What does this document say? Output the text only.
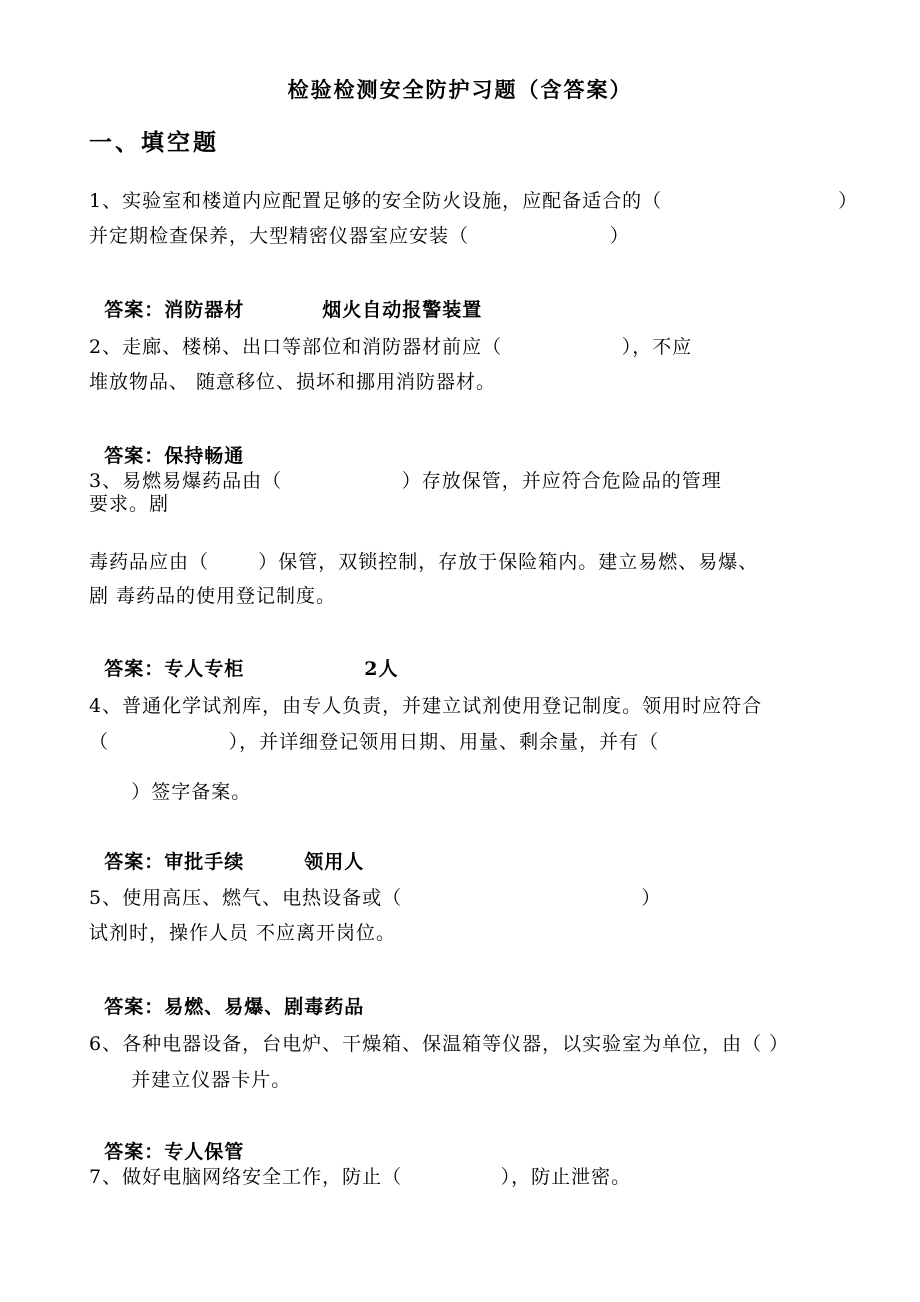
检验检测安全防护习题（含答案）
一、填空题
1、实验室和楼道内应配置足够的安全防火设施，应配备适合的（                         ）
并定期检查保养，大型精密仪器室应安装（                    ）

答案：消防器材	烟火自动报警装置

2、走廊、楼梯、出口等部位和消防器材前应（                 ），不应
堆放物品、 随意移位、损坏和挪用消防器材。

答案：保持畅通

3、易燃易爆药品由（                 ）存放保管，并应符合危险品的管理
要求。剧
毒药品应由（       ）保管，双锁控制，存放于保险箱内。建立易燃、易爆、
剧 毒药品的使用登记制度。

答案：专人专柜	2人

4、普通化学试剂库，由专人负责，并建立试剂使用登记制度。领用时应符合
（                 ），并详细登记领用日期、用量、剩余量，并有（
）签字备案。

答案：审批手续	领用人

5、使用高压、燃气、电热设备或（                                  ）
试剂时，操作人员 不应离开岗位。

答案：易燃、易爆、剧毒药品

6、各种电器设备，台电炉、干燥箱、保温箱等仪器，以实验室为单位，由（ ）
并建立仪器卡片。

答案：专人保管

7、做好电脑网络安全工作，防止（              ），防止泄密。
